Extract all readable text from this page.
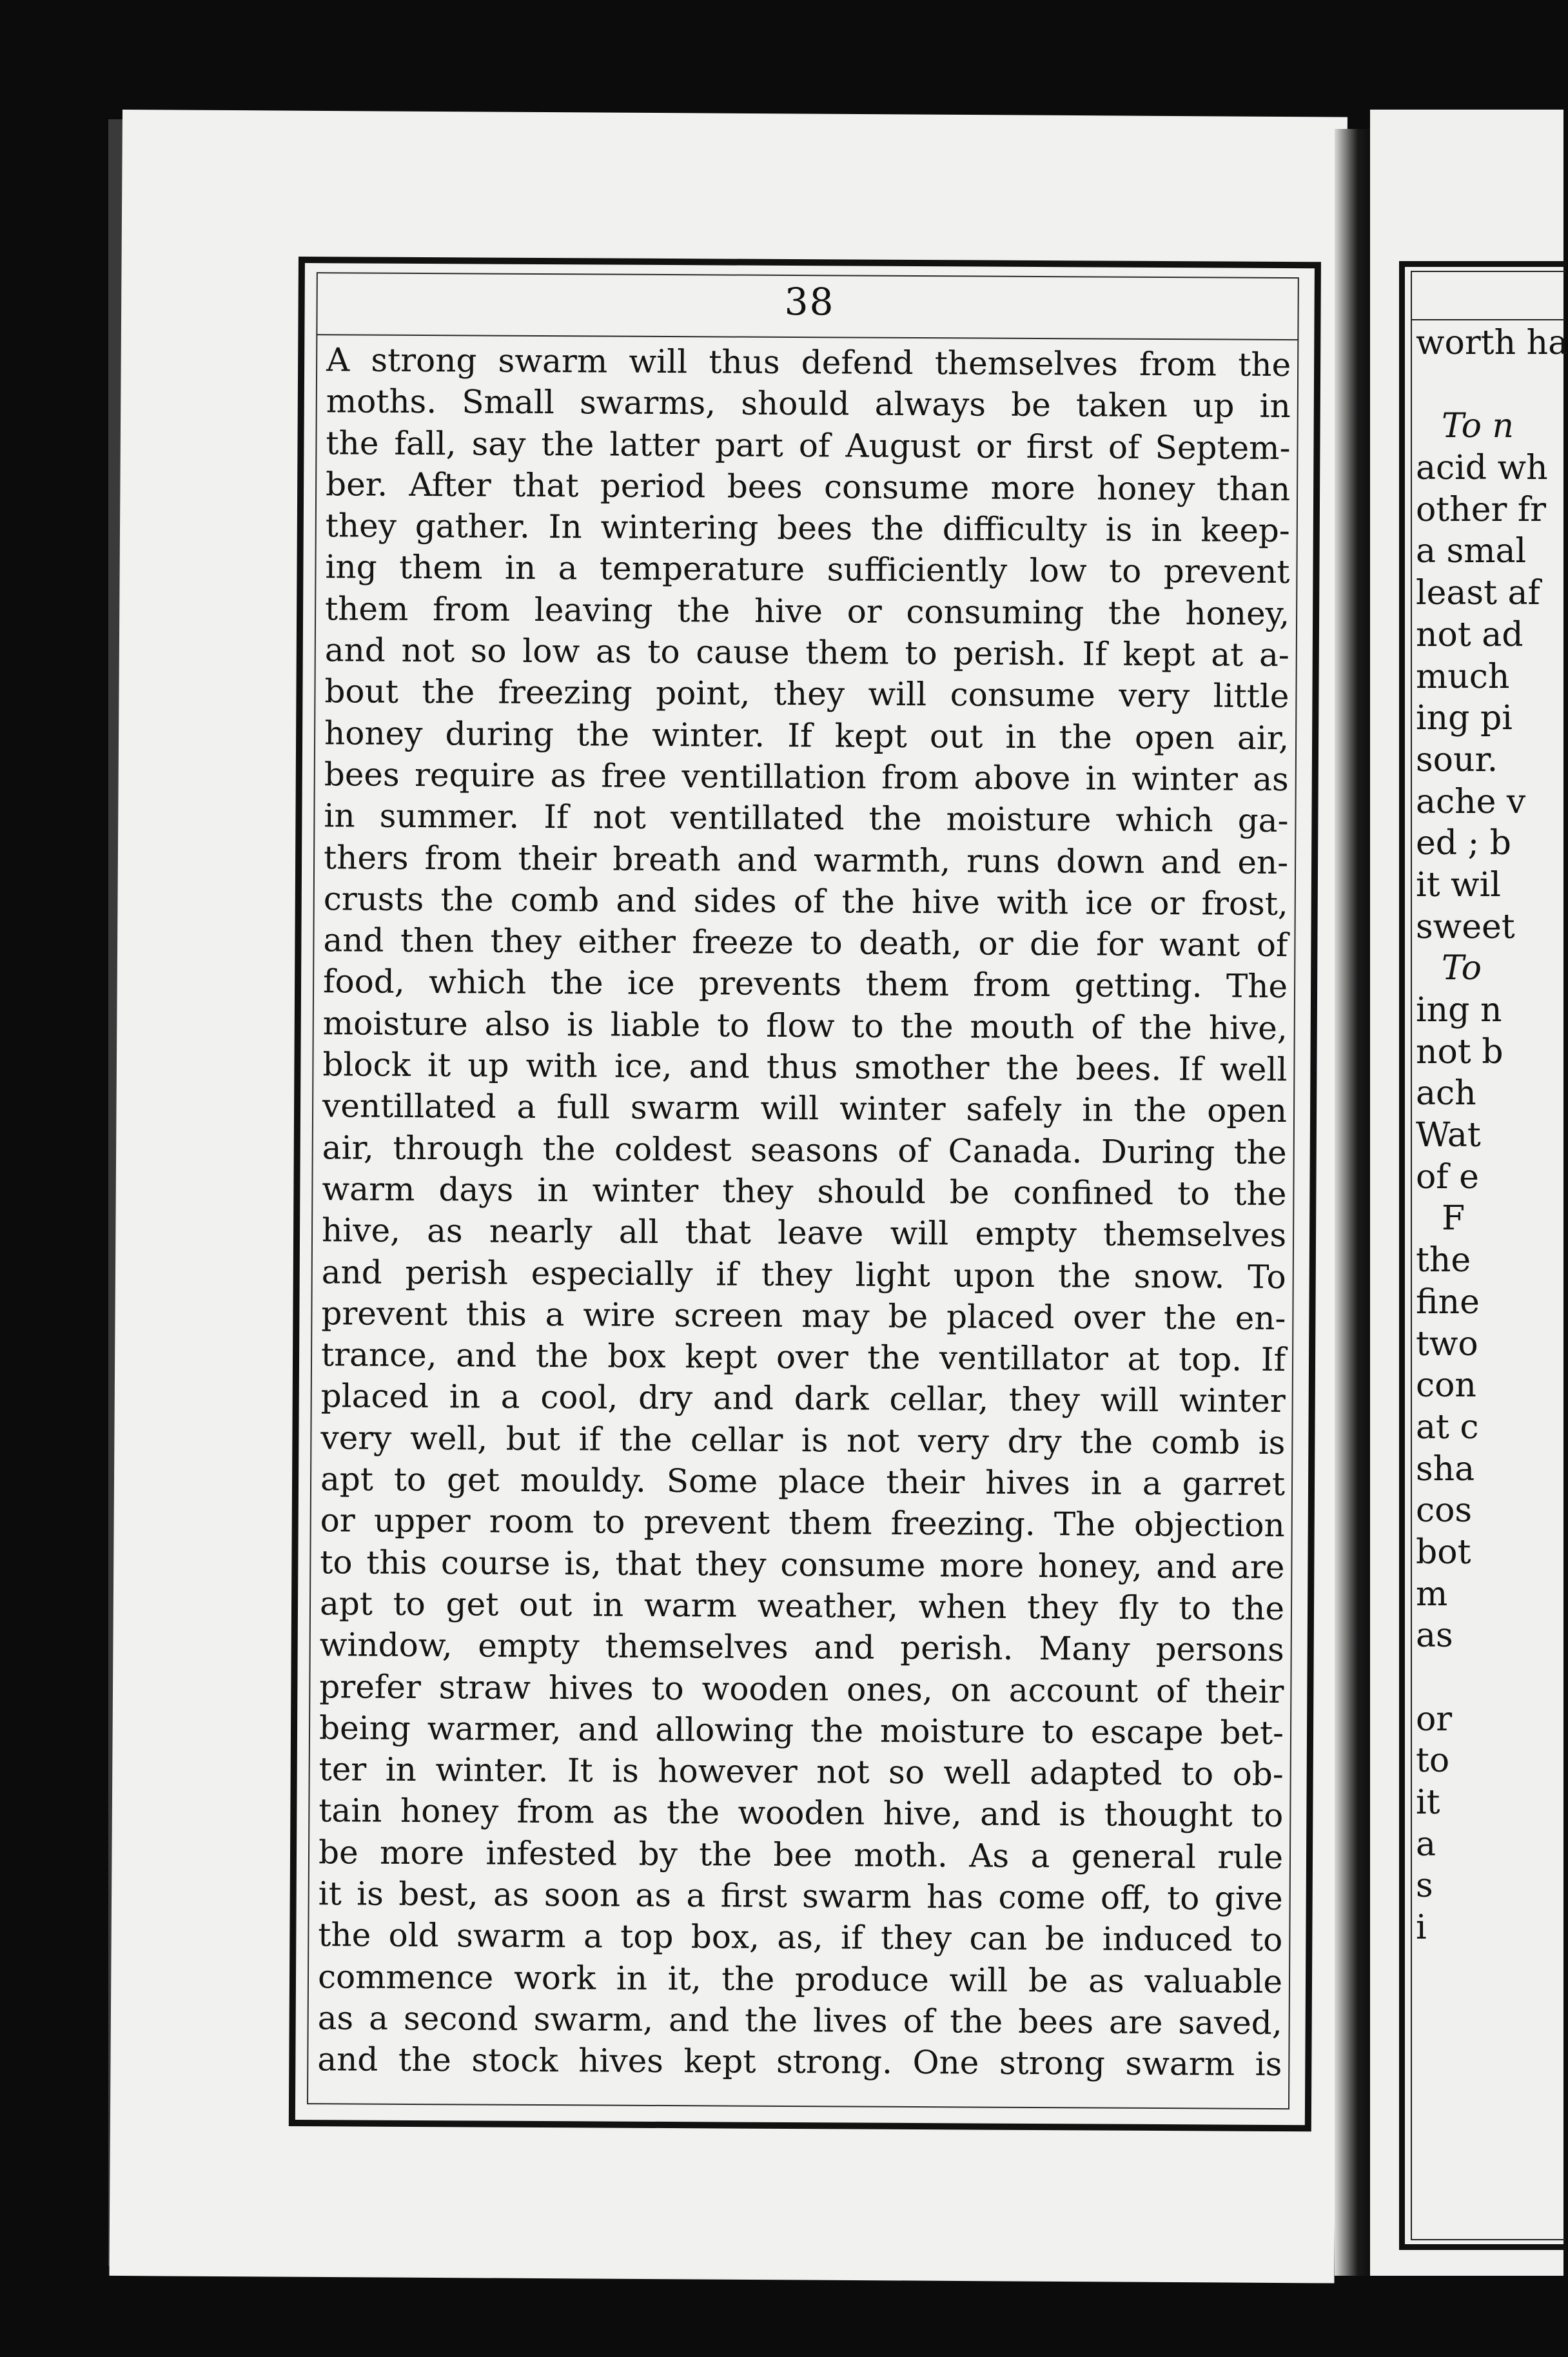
worth ha
To n
acid wh
other fr
a smal
least af
not ad
much
ing pi
sour.
ache v
ed ; b
it wil
sweet
To
ing n
not b
ach
Wat
of e
F
the
fine
two
con
at c
sha
cos
bot
m
as
or
to
it
a
s
i
38
A strong swarm will thus defend themselves from the
moths. Small swarms, should always be taken up in
the fall, say the latter part of August or first of Septem-
ber. After that period bees consume more honey than
they gather. In wintering bees the difficulty is in keep-
ing them in a temperature sufficiently low to prevent
them from leaving the hive or consuming the honey,
and not so low as to cause them to perish. If kept at a-
bout the freezing point, they will consume very little
honey during the winter. If kept out in the open air,
bees require as free ventillation from above in winter as
in summer. If not ventillated the moisture which ga-
thers from their breath and warmth, runs down and en-
crusts the comb and sides of the hive with ice or frost,
and then they either freeze to death, or die for want of
food, which the ice prevents them from getting. The
moisture also is liable to flow to the mouth of the hive,
block it up with ice, and thus smother the bees. If well
ventillated a full swarm will winter safely in the open
air, through the coldest seasons of Canada. During the
warm days in winter they should be confined to the
hive, as nearly all that leave will empty themselves
and perish especially if they light upon the snow. To
prevent this a wire screen may be placed over the en-
trance, and the box kept over the ventillator at top. If
placed in a cool, dry and dark cellar, they will winter
very well, but if the cellar is not very dry the comb is
apt to get mouldy. Some place their hives in a garret
or upper room to prevent them freezing. The objection
to this course is, that they consume more honey, and are
apt to get out in warm weather, when they fly to the
window, empty themselves and perish. Many persons
prefer straw hives to wooden ones, on account of their
being warmer, and allowing the moisture to escape bet-
ter in winter. It is however not so well adapted to ob-
tain honey from as the wooden hive, and is thought to
be more infested by the bee moth. As a general rule
it is best, as soon as a first swarm has come off, to give
the old swarm a top box, as, if they can be induced to
commence work in it, the produce will be as valuable
as a second swarm, and the lives of the bees are saved,
and the stock hives kept strong. One strong swarm is
